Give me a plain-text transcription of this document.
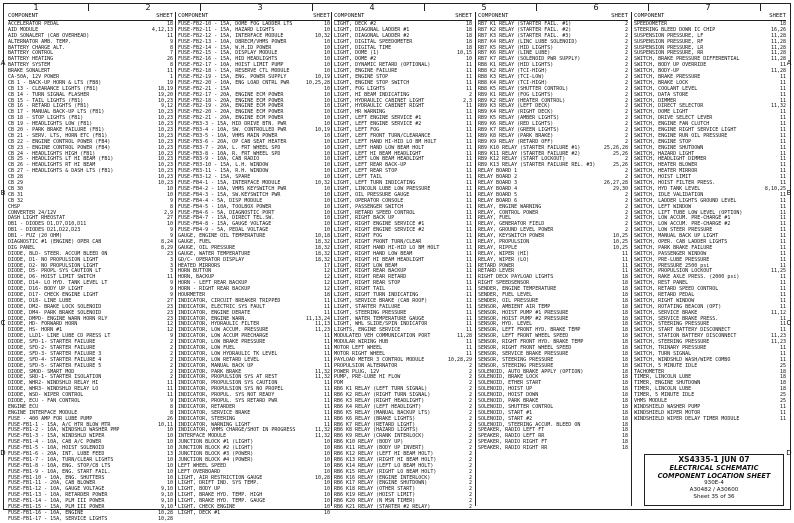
1	2	3	4	5	6	7
A	A
B	B
C	C
D	D
COMPONENT	SHEET
ACCELERATOR PEDAL	18
AID MODULE	4,12,13
AID SONALERT (CAB OVERHEAD)	11
ALTERNATOR AMB. TEMP.	9
BATTERY CHARGE ALT.	8
BATTERY CONTROL	7
BATTERY HEATING	26
BATTERY SYSTEM	8
BRAKE SONALERT	11
CA-50A, 12V POWER	1
CB 1 - BACK-UP HORN & LTS (FB8)	19
CB 13 - CLEARANCE LIGHTS (FB1)	18,19
CB 14 - TURN SIGNAL FLASHER	19,20
CB 15 - TAIL LIGHTS (FB1)	10,23
CB 16 - RETARD LIGHTS (FB1)	9,12
CB 17 - MANUAL BACK-UP LTS (FB1)	10,23
CB 18 - STOP LIGHTS (FB1)	10,23
CB 19 - HEADLIGHTS LOW (FB1)	10,23
CB 20 - PARK BRAKE FAILURE (FB1)	10,23
CB 21 - SERV. LTS, HORN ETC (FB1)	10,23
CB 22 - ENGINE CONTROL POWER (FB4)	10,23
CB 23 - ENGINE CONTROL POWER (FB4)	10,23
CB 24 - HEADLIGHTS HIGH (FB1)	10,23
CB 25 - HEADLIGHTS LT HI BEAM (FB1)	10,23
CB 26 - HEADLIGHTS RT HI BEAM	10,23
CB 27 - HEADLIGHTS & DASH LTS (FB1)	10,23
CB 28	10,23
CB 29	10,23
CB 30	10
CB 31	10
CB 32	9
CHSP	8
CONVERTER 24/12V	2,9
DASH LIGHT RHEOSTAT	27
DB1 - DIODES D1,D7,D10,D11	10
DB1 - DIODES D21,D22,D23	9
DB1 - FUZ (20 OHM)	9
DIAGNOSTIC #1 (ENGINE) OPER CAB	8,24
DIG PANEL	8,29
DIODE, BLD- STEER. ACCUM BLEED ON	23
DIODE, D1- NO PROPULSION LIGHT	3
DIODE, D2- NO PROPULSION LIGHT	3
DIODE, D5- PROPL SYS CAUTION LT	3
DIODE, D6- HOIST LIMIT SWITCH	11
DIODE, D14- LO HYD. TANK LEVEL LT	9
DIODE, D16- BODY UP LIGHT	9
DIODE, D17- CHECK ENGINE LIGHT	9
DIODE, D18- LINE LUBE	27
DIODE, DM2- BRAKE LOCK SOLENOID	23
DIODE, DM4- PARK BRAKE SOLENOID	23
DIODE, DMPD- ENGINE WARN HORN RLY	23
DIODE, HD- FORWARD HORN	12
DIODE, HS- HORN #1	12
DIODE, LLD1- LINE LUBE CD PRESS LT	9
DIODE, SFD-1- STARTER FAILURE	2
DIODE, SFD-2- STARTER FAILURE	2
DIODE, SFD-3- STARTER FAILURE 3	2
DIODE, SFD-4- STARTER FAILURE 4	2
DIODE, SFD-5- STARTER FAILURE 5	2
DIODE, SMOD- SMART MOD	2
DIODE, SRD-1- STARTER ISOLATION	2
DIODE, WHR2- WINDSHLD RELAY HI	11
DIODE, WHR3- WINDSHLD RELAY LO	11
DIODE, WSD- WIPER CONTROL	11
DIODE, ECU - FAN CONTROL	9
ENGINE ECU	8
ENGINE INTERFACE MODULE	8
FUSE - 400 AMP FOR LUBE PUMP	26
FUSE-FB1-1 - 15A, A/C HTR BLOW MTR	10,11
FUSE-FB1-2 - 10A, WINDSHLD WASHER PMP	10
FUSE-FB1-3 - 15A, WINDSHLD WIPER	10
FUSE-FB1-4 - 10A, CAB A/C POWER	10
FUSE-FB1-5 - 10A, HOIST SOLENOID	10
FUSE-FB1-6 - 20A, INT. LUBE FEED	13
FUSE-FB1-7 - 10A, TURN/CLEAR LIGHTS	10
FUSE-FB1-8 - 10A, ENG. STOP/CB LTS	10
FUSE-FB1-9 - 10A, ENG. START FAIL.	10
FUSE-FB1-10 - 10A, ENG. SHUTTERS	10
FUSE-FB1-11 - 20A, CAB BLOWER	10
FUSE-FB1-12 - 10A, GAUGE VOLTAGE	9,10
FUSE-FB1-13 - 10A, RETARDER POWER	9,10
FUSE-FB1-14 - 10A, PLM III POWER	9,10
FUSE-FB1-15 - 15A, PLM III POWER	9,10
FUSE-FB1-16 - 10A, ENGINE	10,28
FUSE-FB1-17 - 15A, SERVICE LIGHTS	10,28
COMPONENT	SHEET
FUSE-FB2-10 - 15A, DOME FOG LADDER LTS	10
FUSE-FB2-11 - 15A, HAZARD LIGHTS	10
FUSE-FB2-12 - 15A, INTERFACE MODULE	10,32
FUSE-FB2-13 - 10A, DBRECM/VHMS POWER	10
FUSE-FB2-14 - 15A, W.H.ID POWER	10
FUSE-FB2-15 - 15A, DISPLAY MODULE	10
FUSE-FB2-16 - 15A, HID HEADLIGHTS	10
FUSE-FB2-17 - 10A, HOIST LIMIT PUMP	10
FUSE-FB2-18 - 15A, RESERVE CTL MODULE	10
FUSE-FB2-19 - 15A, ENG. POWER SUPPLY	10,19
FUSE-FB2-20 - 10A, ENG LOAD CNTRL PWR	10,25,28
FUSE-FB2-21 - 15A	10
FUSE-FB2-17 - 20A, ENGINE ECM POWER	10
FUSE-FB2-18 - 20A, ENGINE ECM POWER	10
FUSE-FB2-19 - 20A, ENGINE ECM POWER	10
FUSE-FB2-20 - 20A, ENGINE ECM POWER	10
FUSE-FB2-21 - 20A, ENGINE ECM POWER	10
FUSE-FB3-3 - 15A, HID DRIVE BTN. PWR	10
FUSE-FB3-4 - 10A, SW. CONTROLLED PWR	10,19
FUSE-FB3-5 - 10A, VHMS MAIN POWER	10
FUSE-FB3-6 - 20A, OP CAB SEAT HEATER	10
FUSE-FB3-7 - 20A, L. FRT WHEEL SPD	10
FUSE-FB3-8 - 10A, R. FRT WHEEL SPD	10
FUSE-FB3-9 - 10A, CAB RADIO	10
FUSE-FB3-10 - 15A, L.H. WINDOW	10
FUSE-FB3-11 - 15A, R.H. WINDOW	10
FUSE-FB3-12 - 15A, SPARE	10
FUSE-FB4-1 - 15A, INTERFACE MODULE	10,32
FUSE-FB4-2 - 10A, VHMS KEYSWITCH PWR	10
FUSE-FB4-3 - 15A, SW.KEYSWITCH PWR	10
FUSE-FB4-4 - 5A, DISP MODULE	10
FUSE-FB4-5 - 10A, TOOLBOX POWER	10
FUSE-FB4-6 - 5A, DIAGNOSTIC PORT	10
FUSE-FB4-7 - 15A, DIRECT TEL.SW.	10
FUSE-FB4-8 - 15A, GAUGE VOLTAGE	10
FUSE-FB4-9 - 5A, PEDAL VOLTAGE	10
GAUGE, ENGINE OIL TEMPERATURE	10,18
GAUGE, FUEL	18,32
GAUGE, OIL PRESSURE	18,32
GAUGE, WATER TEMPERATURE	18,32
GD/C- OPERATOR DISPLAY	18,32
HEATED MIRRORS	17
HORN BUTTON	12
HORN, BACKUP	12
HORN - LEFT REAR BACKUP	12
HORN - RIGHT REAR BACKUP	12
HOURMETER	18
INDICATOR, CIRCUIT BREAKER TRIPPED	11
INDICATOR, ELECTRIC SYS FAULT	11
INDICATOR, ENGINE DERATE	11
INDICATOR, ENGINE WARN.	11,13,24
INDICATOR, HYDRAULIC FILTER	11,13
INDICATOR, LOW ACCUM. PRESSURE	11,23
INDICATOR, LOW ACCUM PRECHARGE	11
INDICATOR, LOW BRAKE PRESSURE	11
INDICATOR, LOW FUEL	11
INDICATOR, LOW HYDRAULIC TK LEVEL	11
INDICATOR, LOW RETARD LEVEL	11
INDICATOR, MANUAL BACK UP	11
INDICATOR, PARK BRAKE	11,32
INDICATOR, PROPULSION SYS AT REST	11,32
INDICATOR, PROPULSION SYS CAUTION	11
INDICATOR, PROPULSION SYS NO PROPEL	11
INDICATOR, PROPUL. SYS NOT READY	11
INDICATOR, PROPUL. SYS RETARD PWR	11
INDICATOR, RETARDER	11
INDICATOR, SERVICE BRAKE	11
INDICATOR, STEERING	11
INDICATOR, WARNING LIGHT	11
INDICATOR, VHMS CHARGE/SHOT IN PROGRESS	11,32
INTERFACE MODULE	11,32
JUNCTION BLOCK #1 (LIGHT)	10
JUNCTION BLOCK #2 (LIGHT)	10
JUNCTION BLOCK #3 (POWER)	10
JUNCTION BLOCK #4 (POWER)	10
LEFT WHEEL SPEED	10
LEFT OVERBOARD	10
LIGHT, AIR RESTRICTION GAUGE	10,28
LIGHT, DRIFT IND. SYS TEMP.	10
LIGHT, BODY UP	10
LIGHT, BRAKE HYD. TEMP. HIGH	10
LIGHT, BRAKE HYD. TEMP. GAUGE	10
LIGHT, CHECK ENGINE	10
LIGHT, DECK #1	10
COMPONENT	SHEET
LIGHT, DECK #2	18
LIGHT, DIAGONAL LADDER #1	18
LIGHT, DIAGONAL LADDER #2	18
LIGHT, DIGITAL SPEEDOMETER	18
LIGHT, DIGITAL TIME	18
LIGHT, DOME (1)	10,15
LIGHT, DOME #2	10
LIGHT, DYNAMIC RETARD (OPTIONAL)	11
LIGHT, ENGINE FAILURE	11
LIGHT, ENGINE STOP	11
LIGHT, ENGINE STOP SWITCH	11
LIGHT, FOG LIGHTS	11
LIGHT, HI BEAM INDICATING	2
LIGHT, HYDRAULIC CABINET LIGHT	2,3
LIGHT, HYDRAULIC CABINET RIGHT	11
LIGHT, HR WARNING	11
LIGHT, LEFT ENGINE SERVICE #1	11
LIGHT, LEFT ENGINE SERVICE #2	11
LIGHT, LEFT FOG	11
LIGHT, LEFT FRONT TURN/CLEARANCE	11
LIGHT, LEFT HAND HI-HID LO BM HOLT	11
LIGHT, LEFT HAND LOW BEAM HOLT	11
LIGHT, LEFT HI BEAM HEADLIGHT	11
LIGHT, LEFT LOW BEAM HEADLIGHT	11
LIGHT, LEFT REAR BACK-UP	11
LIGHT, LEFT REAR STOP	11
LIGHT, LEFT TAIL	11
LIGHT, LEFT TURN INDICATING	11
LIGHT, LINCOLN LUBE LOW PRESSURE	11
LIGHT, OIL PRESSURE GAUGE	11
LIGHT, OPERATOR CONSOLE	11
LIGHT, PASSENGER SWITCH	11
LIGHT, RETARD SPEED CONTROL	11
LIGHT, RIGHT BACK UP	11
LIGHT, RIGHT ENGINE SERVICE #1	11
LIGHT, RIGHT ENGINE SERVICE #2	11
LIGHT, RIGHT FOG	11
LIGHT, RIGHT FRONT TURN/CLEAR	11
LIGHT, RIGHT HAND HI-HID LO BM HOLT	11
LIGHT, RIGHT HAND LOW BEAM	11
LIGHT, RIGHT HI BEAM HEADLIGHT	11
LIGHT, RIGHT LOW BEAM	11
LIGHT, RIGHT REAR BACKUP	11
LIGHT, RIGHT REAR RETARD	11
LIGHT, RIGHT REAR STOP	11
LIGHT, RIGHT TAIL	11
LIGHT, RIGHT TURN INDICATING	11
LIGHT, SERVICE BRAKE (CAB ROOF)	11
LIGHT, STARTER FAILURE	11
LIGHT, STEERING PRESSURE	11
LIGHT, WATER TEMPERATURE GAUGE	11
LIGHT, WHL SLIDE/SPIN INDICATOR	11
LIGHTS, ENGINE SERVICE	11
MODULATED VEH COMMUNICATION PORT	11,28
MODULAR WIRING HUB	11
MOTOR LEFT WHEEL	11
MOTOR RIGHT WHEEL	11
PAYLOAD METER 3 CONTROL MODULE	10,28,29
PROPULSION ALTERNATOR	2
POWER PLUG, 12V	2
PUMP, PRE-LUBE HI FLOW	2
PDM	2
RB6 K1 RELAY (LEFT TURN SIGNAL)	2
RB6 K2 RELAY (RIGHT TURN SIGNAL)	2
RB6 K3 RELAY (RIGHT HEADLIGHT)	2
RB6 K4 RELAY (LEFT HEADLIGHT)	2
RB6 K5 RELAY (MANUAL BACKUP LTS)	2
RB6 K6 RELAY (BRAKE LIGHTS)	2
RB6 K7 RELAY (RETARD LIGHT)	2
RB6 K8 RELAY (HAZARD LIGHTS)	2
RB6 K9 RELAY (CRANK INTERLOCK)	2
RB6 K10 RELAY (BODY UP)	2
RB6 K11 RELAY (BODY UP INVERT)	2
RB6 K12 RELAY (LEFT HI BEAM HOLT)	2
RB6 K13 RELAY (RIGHT HI BEAM HOLT)	2
RB6 K14 RELAY (LEFT LO BEAM HOLT)	2
RB6 K15 RELAY (RIGHT LO BEAM HOLT)	2
RB6 K16 RELAY (ENGINE INTERLOCK)	2
RB6 K17 RELAY (ENGINE SHUTDOWN)	2
RB6 K18 RELAY (OTHER START)	2
RB6 K19 RELAY (HOIST LIMIT)	2
RB6 K20 RELAY (N MSN TIMER)	2
RB6 K21 RELAY (STARTER #2 RELAY)	2
COMPONENT	SHEET
RB7 K1 RELAY (STARTER FAIL. #1)	2
RB7 K2 RELAY (STARTER FAIL. #2)	2
RB7 K3 RELAY (STARTER FAIL. #3)	2
RB7 K4 RELAY (LINC LUBE SOLENOID)	2
RB7 K5 RELAY (HID LIGHTS)	2
RB7 K6 RELAY (LINE LUBE)	2
RB7 K7 RELAY (SOLENOID PWR SUPPLY)	2
RB8 K1 RELAY (HID LIGHTS)	2
RB8 K2 RELAY (TCI-HIGH)	2
RB8 K3 RELAY (TCI-LOW)	2
RB8 K4 RELAY (TCI-HIGH)	2
RB8 K5 RELAY (SHUTTER CONTROL)	2
RB9 K1 RELAY (FOG LIGHTS)	2
RB9 K2 RELAY (HEATER CONTROL)	2
RB9 K3 RELAY (LEFT DECK)	2
RB9 K4 RELAY (RIGHT DECK)	2
RB9 K5 RELAY (AMBER LIGHTS)	2
RB9 K6 RELAY (RED LIGHTS)	2
RB9 K7 RELAY (GREEN LIGHTS)	2
RB9 K8 RELAY (PARK BRAKE)	2
RB9 K9 RELAY (RETARD OFF)	2
RB9 K10 RELAY (STARTER FAILURE #1)	25,26,28
RB9 K11 RELAY (STARTER FAILURE #2)	25,26
RB9 K12 RELAY (START LOCKOUT)	2
RB9 K13 RELAY (STARTER FAILURE REL. #3)	25,26
RELAY BOARD 1	2
RELAY BOARD 2	2
RELAY BOARD 3	26,27,28
RELAY BOARD 4	29,30
RELAY BOARD 5	2
RELAY BOARD 6	2
RELAY, ENGINE WARNING	2
RELAY, CONTROL POWER	2
RELAY, FUEL	2
RELAY, GENERATOR FIELD	2
RELAY, GROUND LEVEL POWER	2
RELAY, KEYSWITCH POWER	10,25
RELAY, PROPULSION	10,25
RELAY, RIPPLE	10,25
RELAY, WIPER (HI)	11
RELAY, WIPER (LO)	11
RETARD POWER	11
RETARD LEVER	11
RIGHT DECK PAYLOAD LIGHTS	18
RIGHT SPEEDSENSOR	18
SENDER, ENGINE TEMPERATURE	18
SENDER, FUEL LEVEL	18
SENDER, OIL PRESSURE	18
SENSOR, AMBIENT AIR TEMP	18
SENSOR, HOIST PUMP #1 PRESSURE	18
SENSOR, HOIST PUMP #2 PRESSURE	18
SENSOR, HYD. LEVEL	18
SENSOR, LEFT FRONT HYD. BRAKE TEMP	18
SENSOR, LEFT FRONT WHEEL SPEED	18
SENSOR, RIGHT FRONT HYD. BRAKE TEMP	18
SENSOR, RIGHT FRONT WHEEL SPEED	18
SENSOR, SERVICE BRAKE PRESSURE	18
SENSOR, STEERING PRESSURE	18
SENSOR, STEERING PRESSURE	18
SOLENOID, AUTO BRAKE APPLY (OPTION)	18
SOLENOID, BRAKE LOCK	18
SOLENOID, ETHER START	18
SOLENOID, HOIST UP	18
SOLENOID, HOIST DOWN	18
SOLENOID, PARK BRAKE	18
SOLENOID, SHUTTER CONTROL	18
SOLENOID, START #1	18
SOLENOID, START #2	18
SOLENOID, STEERING ACCUM. BLEED ON	18
SPEAKER, RADIO LEFT FT	18
SPEAKER, RADIO LEFT RR	18
SPEAKER, RADIO RIGHT FT	18
SPEAKER, RADIO RIGHT RR	18
COMPONENT	SHEET
SPEEDOMETER	18
STEERING BLEED DOWN IC CHIP	16,26
SUSPENSION PRESSURE, LF	11,28
SUSPENSION PRESSURE, RF	11,28
SUSPENSION PRESSURE, LR	11,28
SUSPENSION PRESSURE, RR	11,28
SWITCH, BRAKE PRESSURE DIFFERENTIAL	11,28
SWITCH, BODY UP OVERRIDE	11
SWITCH, BODY-UP	11,28
SWITCH, BRAKE PRESSURE	11
SWITCH, BRAKE LOCK	11
SWITCH, COOLANT LEVEL	11
SWITCH, DATA STORE	11
SWITCH, DIMMER	11
SWITCH, DIRECT SELECTOR	11,32
SWITCH, DOME LIGHT	11
SWITCH, DRIVE SELECT LEVER	11
SWITCH, ENGINE FAN CLUTCH	11
SWITCH, ENGINE RIGHT SERVICE LIGHT	11
SWITCH, ENGINE RUN OIL PRESSURE	11
SWITCH, ENGINE STOP	11
SWITCH, ENGINE SHUTDOWN	11
SWITCH, HAZARD LIGHT	11
SWITCH, HEADLIGHT DIMMER	11
SWITCH, HEATER BLOWER	11
SWITCH, HEATER MIRROR	11
SWITCH, HOIST LIMIT	11
SWITCH, HOIST FILTER PRESS.	11
SWITCH, HYD TANK LEVEL	8,10,25
SWITCH, IDLE VALIDATION	11
SWITCH, LADDER LIGHTS GROUND LEVEL	11
SWITCH, LEFT WINDOW	11
SWITCH, LIFT TUBE LOW LEVEL (OPTION)	11
SWITCH, LOW ACCUM. PRE-CHARGE #1	11
SWITCH, LOW ACCUM. PRE-CHARGE #2	11
SWITCH, LOW STEER PRESSURE	11
SWITCH, MANUAL BACK UP LIGHT	11
SWITCH, OPER. CAB LADDER LIGHTS	11
SWITCH, PARK BRAKE FAILURE	11
SWITCH, PASSENGER WINDOW	11
SWITCH, PRE-LUBE PRESSURE	11
SWITCH, PRESSURE 2500 psi	11
SWITCH, PROPULSION LOCKOUT	11,25
SWITCH, RAKE AXLE PRESS. (2000 psi)	11
SWITCH, REST PANEL	11
SWITCH, RETARD SPEED CONTROL	11
SWITCH, RETARD PEDAL	11
SWITCH, RIGHT WINDOW	11
SWITCH, ROTATING BEACON (OPT)	11
SWITCH, SERVICE BRAKE	11,12
SWITCH, SERVICE BRAKE PRESS.	11
SWITCH, STEERING PRESSURE	11
SWITCH, START BATTERY DISCONNECT	11
SWITCH, STATION BATTERY DISCONNECT	11,23
SWITCH, STEERING PRESSURE	11,23
SWITCH, TRINARY PRESSURE	11
SWITCH, TURN SIGNAL	11
SWITCH, WINDSHLD WASH/WIPE COMBO	11
SWITCH, 5 MINUTE IDLE	25
TACHOMETER	18
TIMER, LINCOLN LUBE	18
TIMER, ENGINE SHUTDOWN	18
TIMER, LINCOLN LUBE	18
TIMER, 5 MINUTE IDLE	25
VHMS MODULE	25
WINDSHIELD WASHER PUMP	11
WINDSHIELD WIPER MOTOR	11
WINDSHIELD WIPER DELAY TIMER MODULE	11
XS4335-1 JUN 07
ELECTRICAL SCHEMATIC
COMPONENT LOCATION SHEET
930E-4
A30482 / A30600
Sheet 35 of 36
